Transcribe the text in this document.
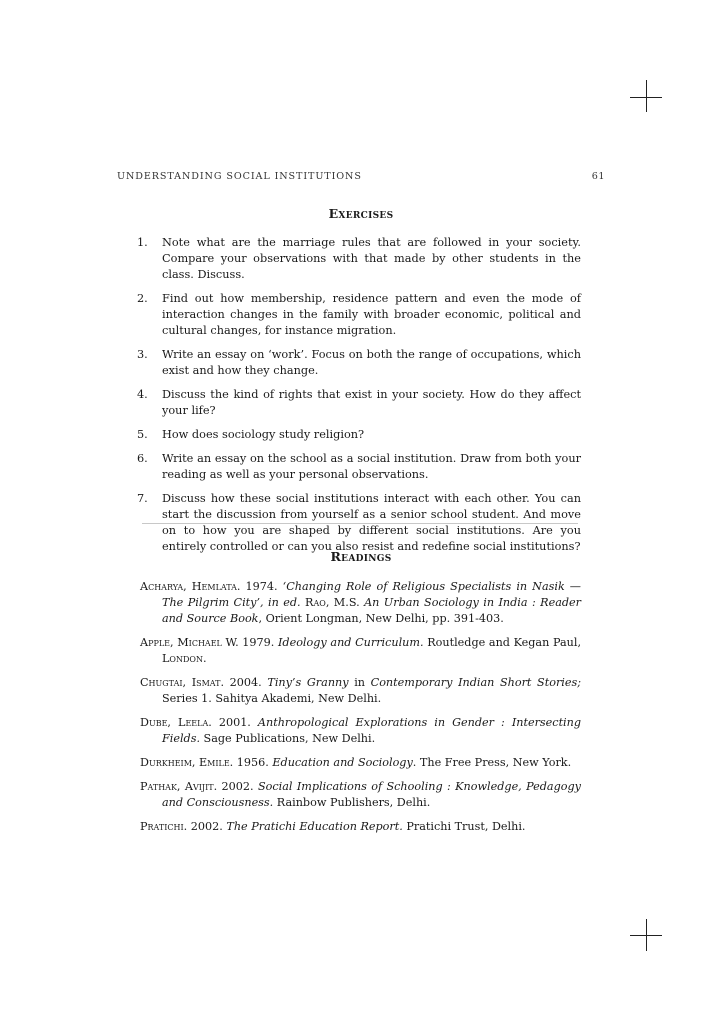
UNDERSTANDING SOCIAL INSTITUTIONS	61
Exercises
1. Note what are the marriage rules that are followed in your society. Compare your observations with that made by other students in the class. Discuss.
2. Find out how membership, residence pattern and even the mode of interaction changes in the family with broader economic, political and cultural changes, for instance migration.
3. Write an essay on ‘work’. Focus on both the range of occupations, which exist and how they change.
4. Discuss the kind of rights that exist in your society. How do they affect your life?
5. How does sociology study religion?
6. Write an essay on the school as a social institution. Draw from both your reading as well as your personal observations.
7. Discuss how these social institutions interact with each other. You can start the discussion from yourself as a senior school student. And move on to how you are shaped by different social institutions. Are you entirely controlled or can you also resist and redefine social institutions?
Readings
Acharya, Hemlata. 1974. ‘Changing Role of Religious Specialists in Nasik — The Pilgrim City’, in ed. Rao, M.S. An Urban Sociology in India : Reader and Source Book, Orient Longman, New Delhi, pp. 391-403.
Apple, Michael W. 1979. Ideology and Curriculum. Routledge and Kegan Paul, London.
Chugtai, Ismat. 2004. Tiny’s Granny in Contemporary Indian Short Stories; Series 1. Sahitya Akademi, New Delhi.
Dube, Leela. 2001. Anthropological Explorations in Gender : Intersecting Fields. Sage Publications, New Delhi.
Durkheim, Emile. 1956. Education and Sociology. The Free Press, New York.
Pathak, Avijit. 2002. Social Implications of Schooling : Knowledge, Pedagogy and Consciousness. Rainbow Publishers, Delhi.
Pratichi. 2002. The Pratichi Education Report. Pratichi Trust, Delhi.
